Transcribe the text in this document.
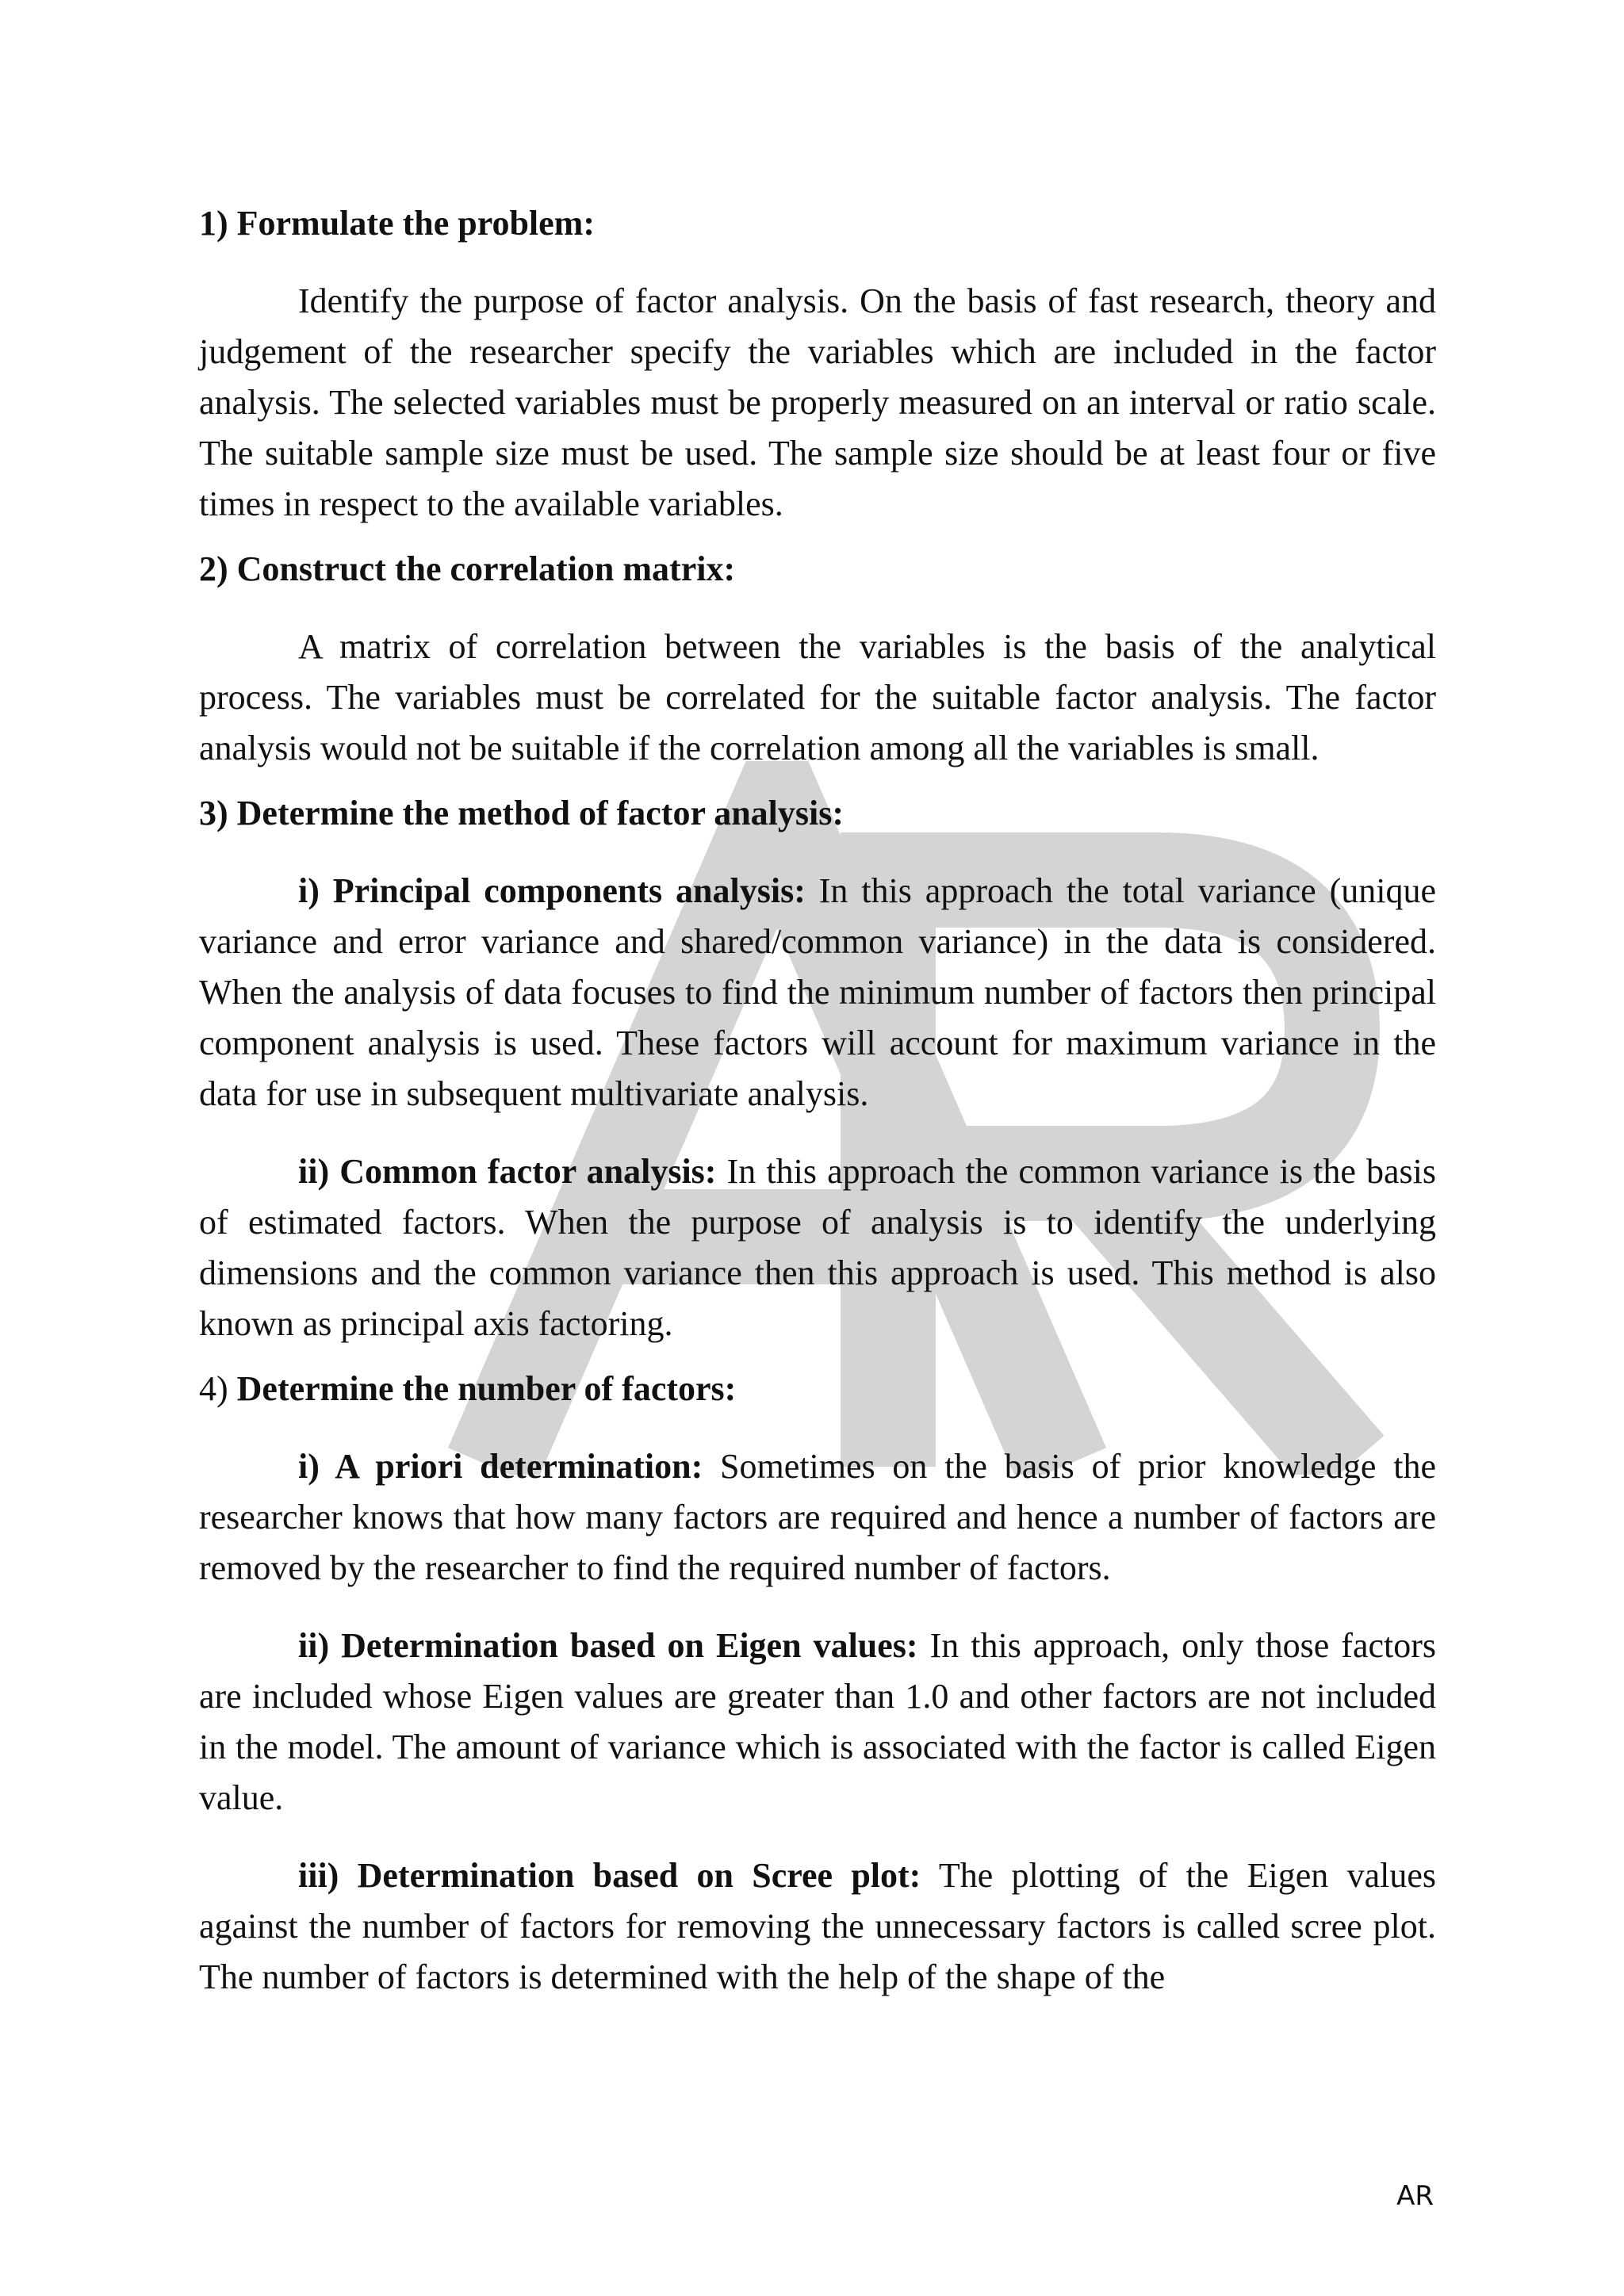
1) Formulate the problem:

Identify the purpose of factor analysis. On the basis of fast research, theory and judgement of the researcher specify the variables which are included in the factor analysis. The selected variables must be properly measured on an interval or ratio scale. The suitable sample size must be used. The sample size should be at least four or five times in respect to the available variables.

2) Construct the correlation matrix:

A matrix of correlation between the variables is the basis of the analytical process. The variables must be correlated for the suitable factor analysis. The factor analysis would not be suitable if the correlation among all the variables is small.

3) Determine the method of factor analysis:

i) Principal components analysis: In this approach the total variance (unique variance and error variance and shared/common variance) in the data is considered. When the analysis of data focuses to find the minimum number of factors then principal component analysis is used. These factors will account for maximum variance in the data for use in subsequent multivariate analysis.

ii) Common factor analysis: In this approach the common variance is the basis of estimated factors. When the purpose of analysis is to identify the underlying dimensions and the common variance then this approach is used. This method is also known as principal axis factoring.

4) Determine the number of factors:

i) A priori determination: Sometimes on the basis of prior knowledge the researcher knows that how many factors are required and hence a number of factors are removed by the researcher to find the required number of factors.

ii) Determination based on Eigen values: In this approach, only those factors are included whose Eigen values are greater than 1.0 and other factors are not included in the model. The amount of variance which is associated with the factor is called Eigen value.

iii) Determination based on Scree plot: The plotting of the Eigen values against the number of factors for removing the unnecessary factors is called scree plot. The number of factors is determined with the help of the shape of the

AR
